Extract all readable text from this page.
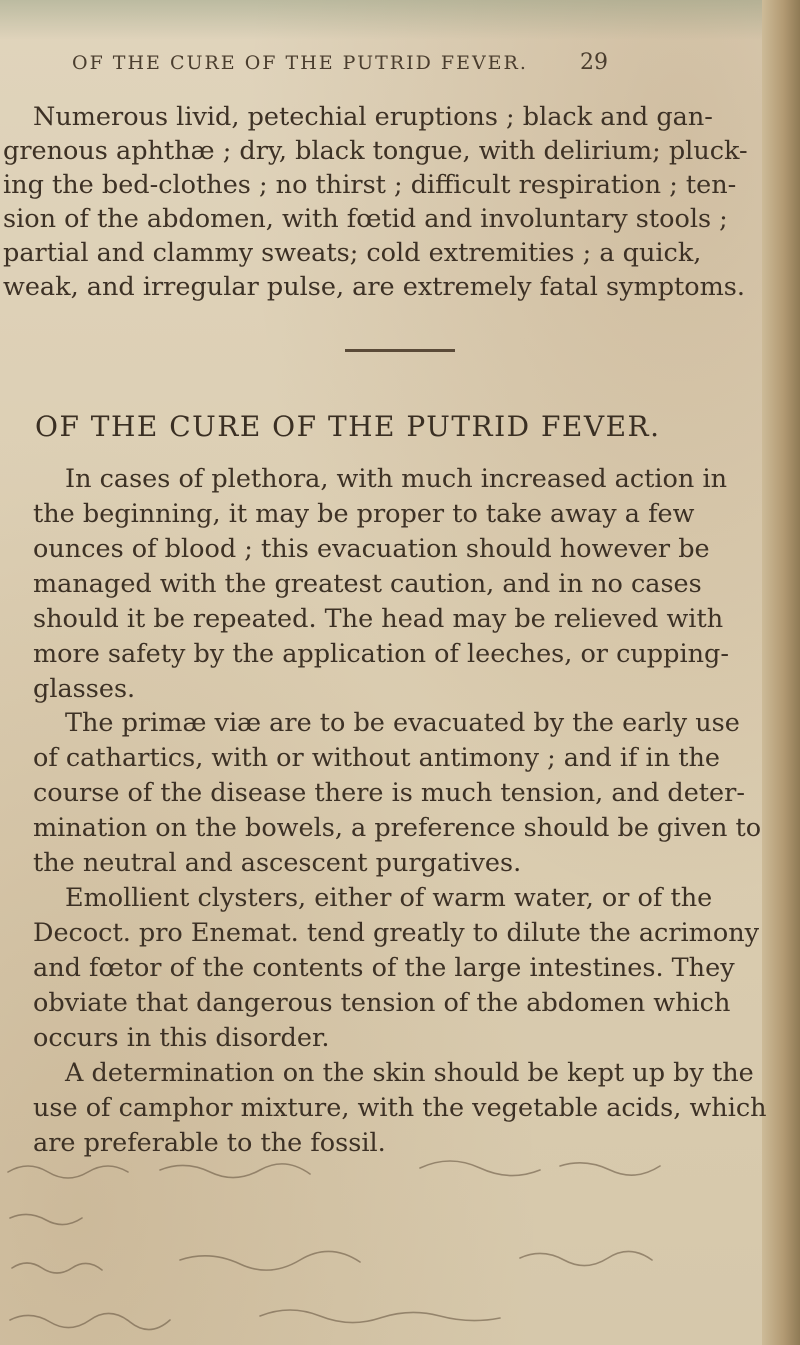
OF THE CURE OF THE PUTRID FEVER.	29
Numerous livid, petechial eruptions ; black and gan-
grenous aphthæ ; dry, black tongue, with delirium; pluck-
ing the bed-clothes ; no thirst ; difficult respiration ; ten-
sion of the abdomen, with fœtid and involuntary stools ;
partial and clammy sweats; cold extremities ; a quick,
weak, and irregular pulse, are extremely fatal symptoms.
OF THE CURE OF THE PUTRID FEVER.
In cases of plethora, with much increased action in
the beginning, it may be proper to take away a few
ounces of blood ; this evacuation should however be
managed with the greatest caution, and in no cases
should it be repeated. The head may be relieved with
more safety by the application of leeches, or cupping-
glasses.
The primæ viæ are to be evacuated by the early use
of cathartics, with or without antimony ; and if in the
course of the disease there is much tension, and deter-
mination on the bowels, a preference should be given to
the neutral and ascescent purgatives.
Emollient clysters, either of warm water, or of the
Decoct. pro Enemat. tend greatly to dilute the acrimony
and fœtor of the contents of the large intestines. They
obviate that dangerous tension of the abdomen which
occurs in this disorder.
A determination on the skin should be kept up by the
use of camphor mixture, with the vegetable acids, which
are preferable to the fossil.
